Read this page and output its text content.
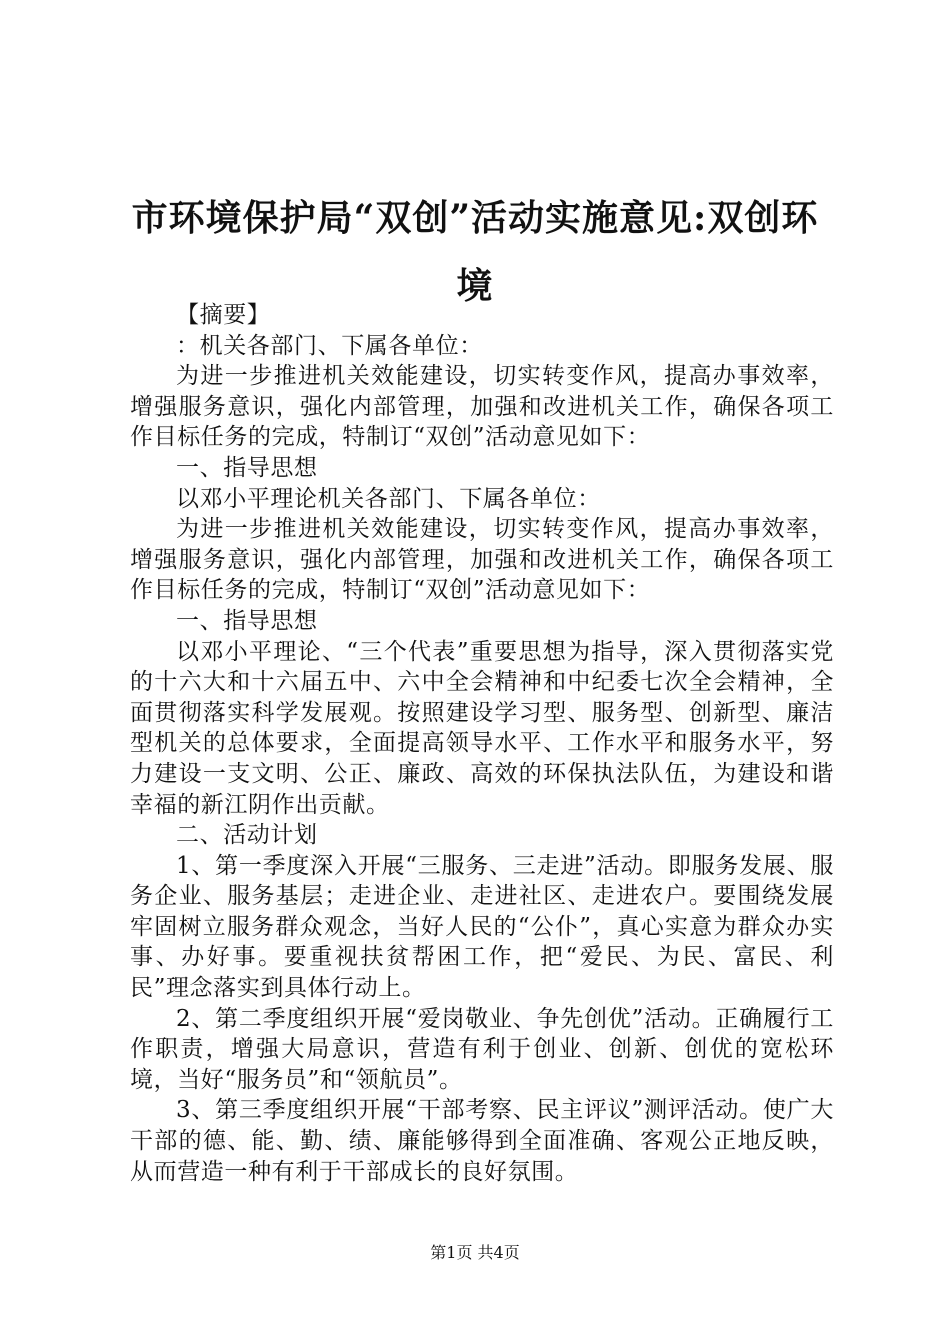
市环境保护局“双创”活动实施意见:双创环境

【摘要】

：机关各部门、下属各单位：

为进一步推进机关效能建设，切实转变作风，提高办事效率，增强服务意识，强化内部管理，加强和改进机关工作，确保各项工作目标任务的完成，特制订“双创”活动意见如下：

一、指导思想

以邓小平理论机关各部门、下属各单位：

为进一步推进机关效能建设，切实转变作风，提高办事效率，增强服务意识，强化内部管理，加强和改进机关工作，确保各项工作目标任务的完成，特制订“双创”活动意见如下：

一、指导思想

以邓小平理论、“三个代表”重要思想为指导，深入贯彻落实党的十六大和十六届五中、六中全会精神和中纪委七次全会精神，全面贯彻落实科学发展观。按照建设学习型、服务型、创新型、廉洁型机关的总体要求，全面提高领导水平、工作水平和服务水平，努力建设一支文明、公正、廉政、高效的环保执法队伍，为建设和谐幸福的新江阴作出贡献。

二、活动计划

1、第一季度深入开展“三服务、三走进”活动。即服务发展、服务企业、服务基层；走进企业、走进社区、走进农户。要围绕发展牢固树立服务群众观念，当好人民的“公仆”，真心实意为群众办实事、办好事。要重视扶贫帮困工作，把“爱民、为民、富民、利民”理念落实到具体行动上。

2、第二季度组织开展“爱岗敬业、争先创优”活动。正确履行工作职责，增强大局意识，营造有利于创业、创新、创优的宽松环境，当好“服务员”和“领航员”。

3、第三季度组织开展“干部考察、民主评议”测评活动。使广大干部的德、能、勤、绩、廉能够得到全面准确、客观公正地反映，从而营造一种有利于干部成长的良好氛围。

第1页 共4页
